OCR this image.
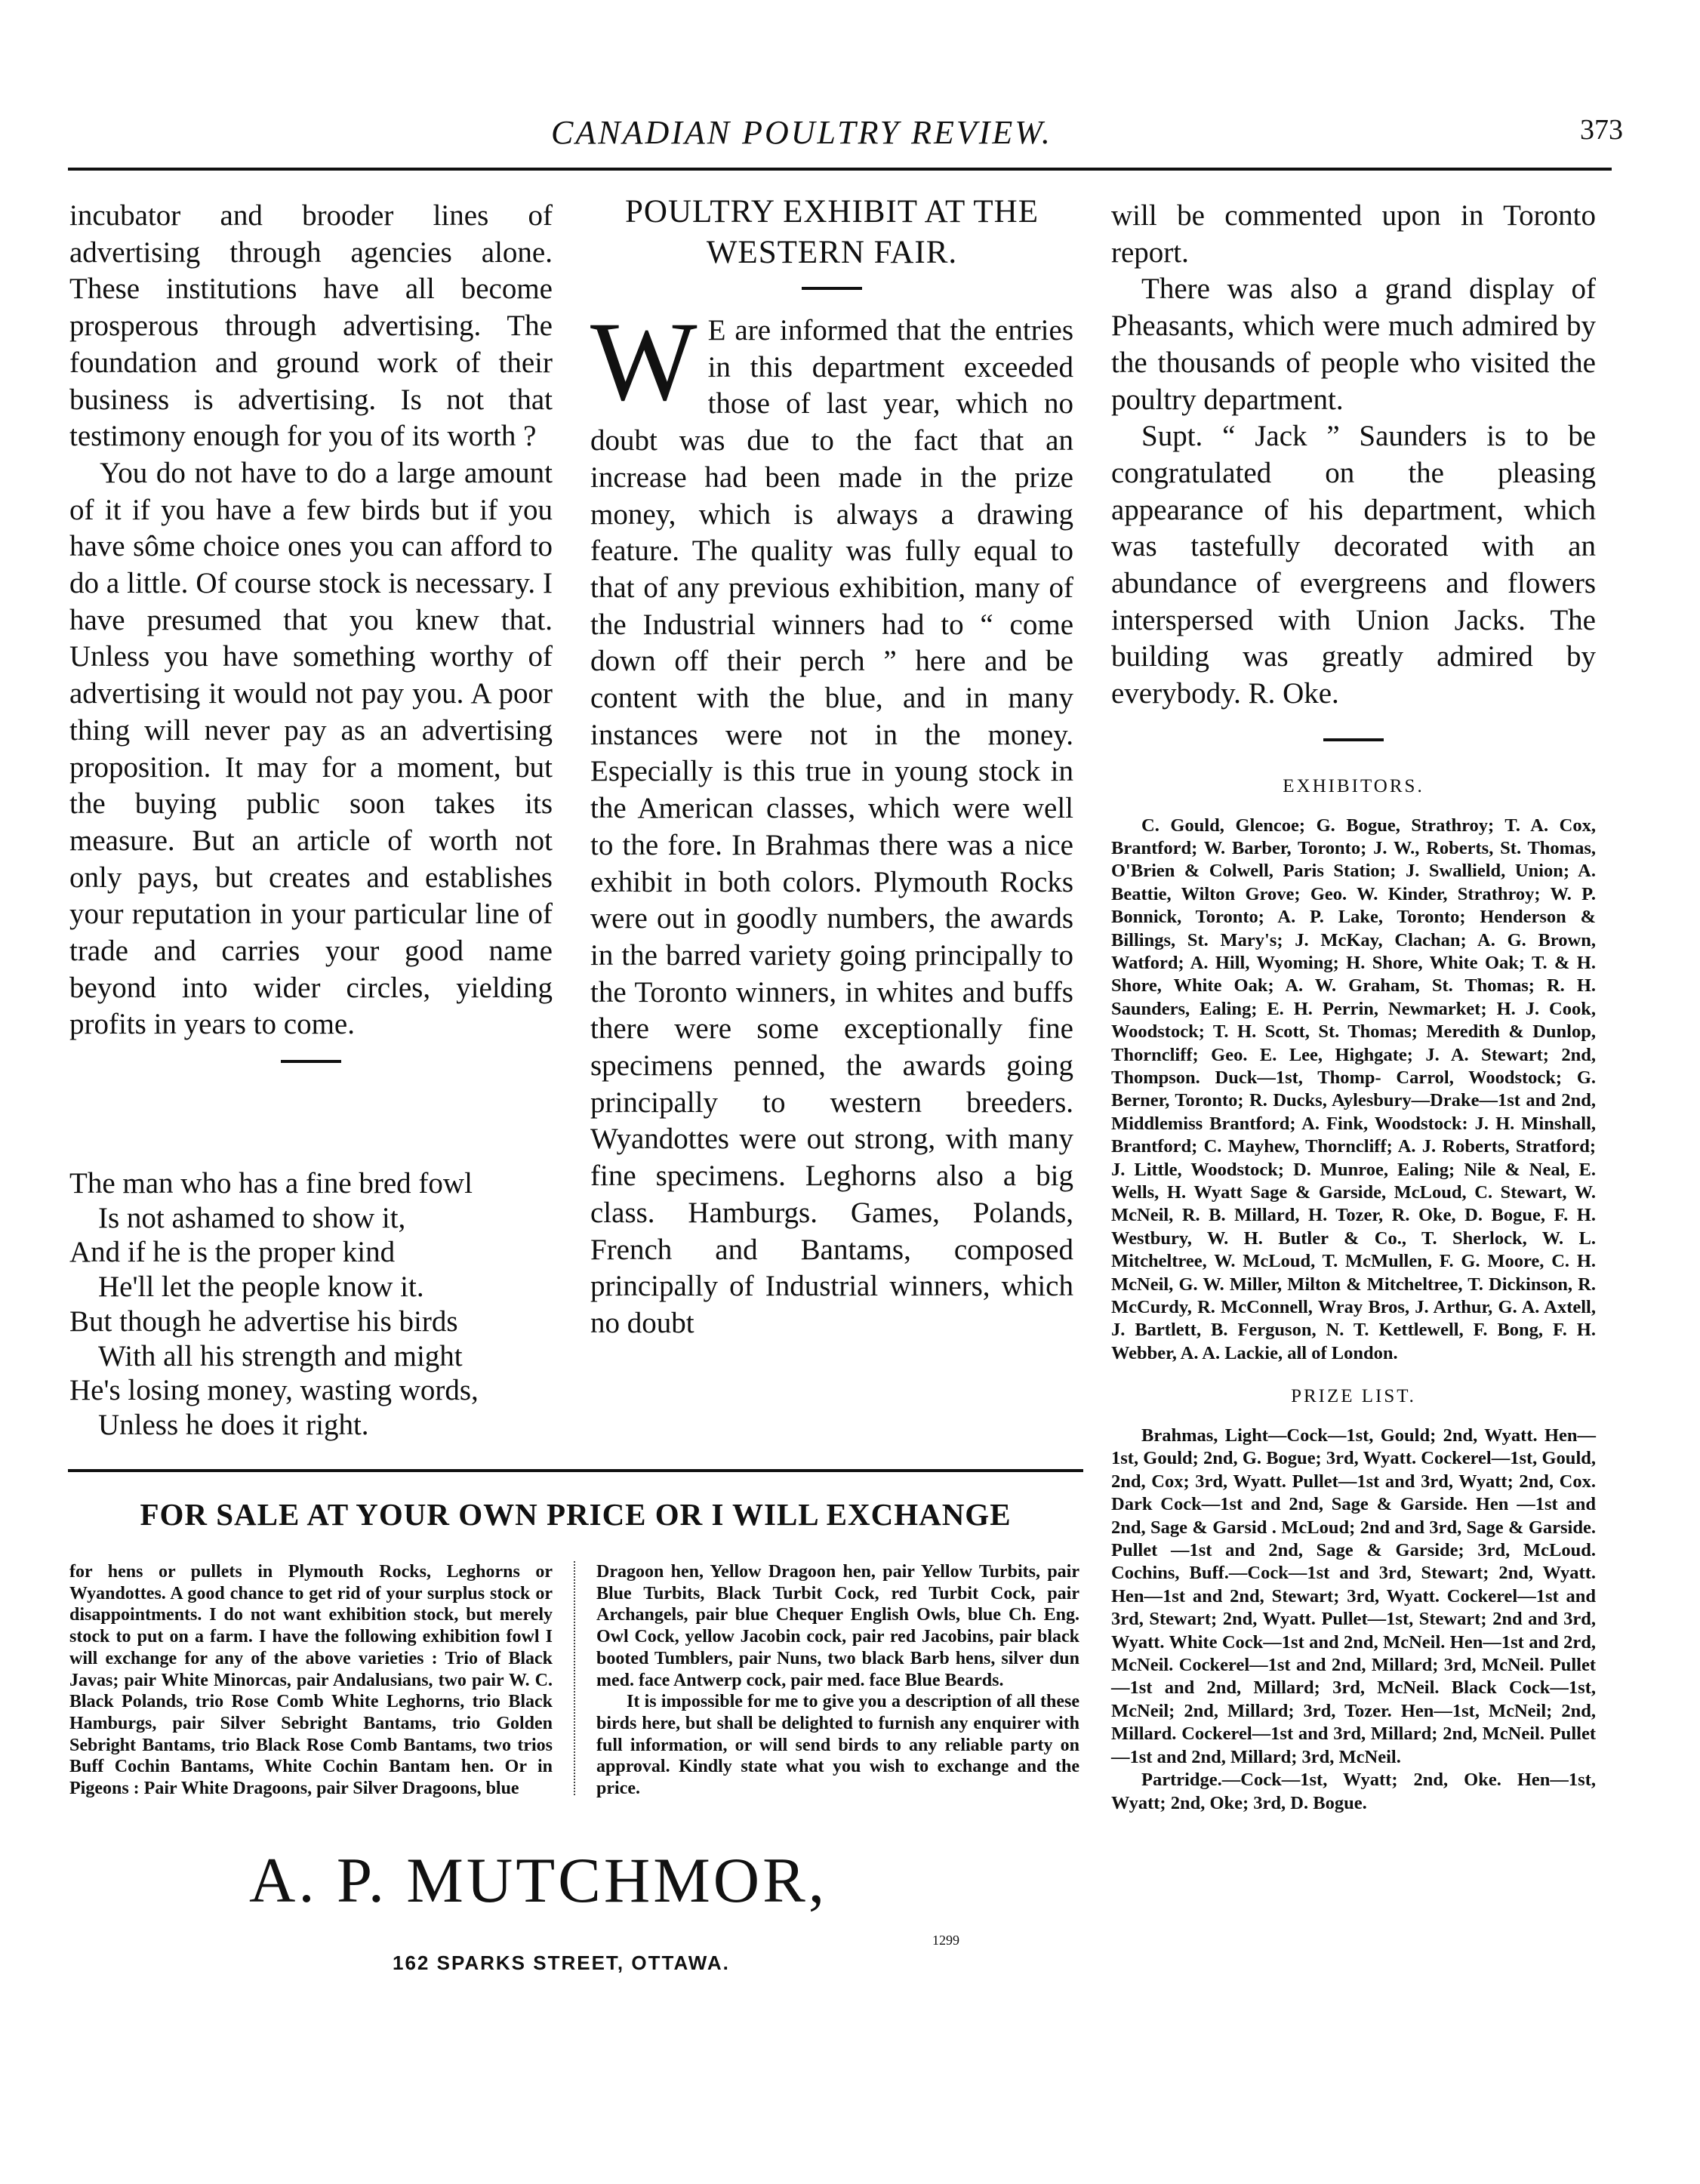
CANADIAN POULTRY REVIEW.	373

incubator and brooder lines of advertising through agencies alone. These institutions have all become prosperous through advertising. The foundation and ground work of their business is advertising. Is not that testimony enough for you of its worth ?

You do not have to do a large amount of it if you have a few birds but if you have sôme choice ones you can afford to do a little. Of course stock is necessary. I have presumed that you knew that. Unless you have something worthy of advertising it would not pay you. A poor thing will never pay as an advertising proposition. It may for a moment, but the buying public soon takes its measure. But an article of worth not only pays, but creates and establishes your reputation in your particular line of trade and carries your good name beyond into wider circles, yielding profits in years to come.

The man who has a fine bred fowl
Is not ashamed to show it,
And if he is the proper kind
He'll let the people know it.
But though he advertise his birds
With all his strength and might
He's losing money, wasting words,
Unless he does it right.
POULTRY EXHIBIT AT THE
WESTERN FAIR.

W E are informed that the entries in this department exceeded those of last year, which no doubt was due to the fact that an increase had been made in the prize money, which is always a drawing feature. The quality was fully equal to that of any previous exhibition, many of the Industrial winners had to “ come down off their perch ” here and be content with the blue, and in many instances were not in the money. Especially is this true in young stock in the American classes, which were well to the fore. In Brahmas there was a nice exhibit in both colors. Plymouth Rocks were out in goodly numbers, the awards in the barred variety going principally to the Toronto winners, in whites and buffs there were some exceptionally fine specimens penned, the awards going principally to western breeders. Wyandottes were out strong, with many fine specimens. Leghorns also a big class. Hamburgs. Games, Polands, French and Bantams, composed principally of Industrial winners, which no doubt

will be commented upon in Toronto report.

There was also a grand display of Pheasants, which were much admired by the thousands of people who visited the poultry department.

Supt. “ Jack ” Saunders is to be congratulated on the pleasing appearance of his department, which was tastefully decorated with an abundance of evergreens and flowers interspersed with Union Jacks. The building was greatly admired by everybody. R. Oke.

EXHIBITORS.

C. Gould, Glencoe; G. Bogue, Strathroy; T. A. Cox, Brantford; W. Barber, Toronto; J. W., Roberts, St. Thomas, O'Brien & Colwell, Paris Station; J. Swallield, Union; A. Beattie, Wilton Grove; Geo. W. Kinder, Strathroy; W. P. Bonnick, Toronto; A. P. Lake, Toronto; Henderson & Billings, St. Mary's; J. McKay, Clachan; A. G. Brown, Watford; A. Hill, Wyoming; H. Shore, White Oak; T. & H. Shore, White Oak; A. W. Graham, St. Thomas; R. H. Saunders, Ealing; E. H. Perrin, Newmarket; H. J. Cook, Woodstock; T. H. Scott, St. Thomas; Meredith & Dunlop, Thorncliff; Geo. E. Lee, Highgate; J. A. Stewart; 2nd, Thompson. Duck—1st, Thomp- Carrol, Woodstock; G. Berner, Toronto; R. Ducks, Aylesbury—Drake—1st and 2nd, Middlemiss Brantford; A. Fink, Woodstock: J. H. Minshall, Brantford; C. Mayhew, Thorncliff; A. J. Roberts, Stratford; J. Little, Woodstock; D. Munroe, Ealing; Nile & Neal, E. Wells, H. Wyatt Sage & Garside, McLoud, C. Stewart, W. McNeil, R. B. Millard, H. Tozer, R. Oke, D. Bogue, F. H. Westbury, W. H. Butler & Co., T. Sherlock, W. L. Mitcheltree, W. McLoud, T. McMullen, F. G. Moore, C. H. McNeil, G. W. Miller, Milton & Mitcheltree, T. Dickinson, R. McCurdy, R. McConnell, Wray Bros, J. Arthur, G. A. Axtell, J. Bartlett, B. Ferguson, N. T. Kettlewell, F. Bong, F. H. Webber, A. A. Lackie, all of London.

PRIZE LIST.

Brahmas, Light—Cock—1st, Gould; 2nd, Wyatt. Hen—1st, Gould; 2nd, G. Bogue; 3rd, Wyatt. Cockerel—1st, Gould, 2nd, Cox; 3rd, Wyatt. Pullet—1st and 3rd, Wyatt; 2nd, Cox. Dark Cock—1st and 2nd, Sage & Garside. Hen —1st and 2nd, Sage & Garsid . McLoud; 2nd and 3rd, Sage & Garside. Pullet —1st and 2nd, Sage & Garside; 3rd, McLoud. Cochins, Buff.—Cock—1st and 3rd, Stewart; 2nd, Wyatt. Hen—1st and 2nd, Stewart; 3rd, Wyatt. Cockerel—1st and 3rd, Stewart; 2nd, Wyatt. Pullet—1st, Stewart; 2nd and 3rd, Wyatt. White Cock—1st and 2nd, McNeil. Hen—1st and 2rd, McNeil. Cockerel—1st and 2nd, Millard; 3rd, McNeil. Pullet—1st and 2nd, Millard; 3rd, McNeil. Black Cock—1st, McNeil; 2nd, Millard; 3rd, Tozer. Hen—1st, McNeil; 2nd, Millard. Cockerel—1st and 3rd, Millard; 2nd, McNeil. Pullet—1st and 2nd, Millard; 3rd, McNeil.

Partridge.—Cock—1st, Wyatt; 2nd, Oke. Hen—1st, Wyatt; 2nd, Oke; 3rd, D. Bogue.

FOR SALE AT YOUR OWN PRICE OR I WILL EXCHANGE

for hens or pullets in Plymouth Rocks, Leghorns or Wyandottes. A good chance to get rid of your surplus stock or disappointments. I do not want exhibition stock, but merely stock to put on a farm. I have the following exhibition fowl I will exchange for any of the above varieties : Trio of Black Javas; pair White Minorcas, pair Andalusians, two pair W. C. Black Polands, trio Rose Comb White Leghorns, trio Black Hamburgs, pair Silver Sebright Bantams, trio Golden Sebright Bantams, trio Black Rose Comb Bantams, two trios Buff Cochin Bantams, White Cochin Bantam hen. Or in Pigeons : Pair White Dragoons, pair Silver Dragoons, blue

Dragoon hen, Yellow Dragoon hen, pair Yellow Turbits, pair Blue Turbits, Black Turbit Cock, red Turbit Cock, pair Archangels, pair blue Chequer English Owls, blue Ch. Eng. Owl Cock, yellow Jacobin cock, pair red Jacobins, pair black booted Tumblers, pair Nuns, two black Barb hens, silver dun med. face Antwerp cock, pair med. face Blue Beards.

It is impossible for me to give you a description of all these birds here, but shall be delighted to furnish any enquirer with full information, or will send birds to any reliable party on approval. Kindly state what you wish to exchange and the price.

A. P. MUTCHMOR,
162 SPARKS STREET, OTTAWA.
1299
